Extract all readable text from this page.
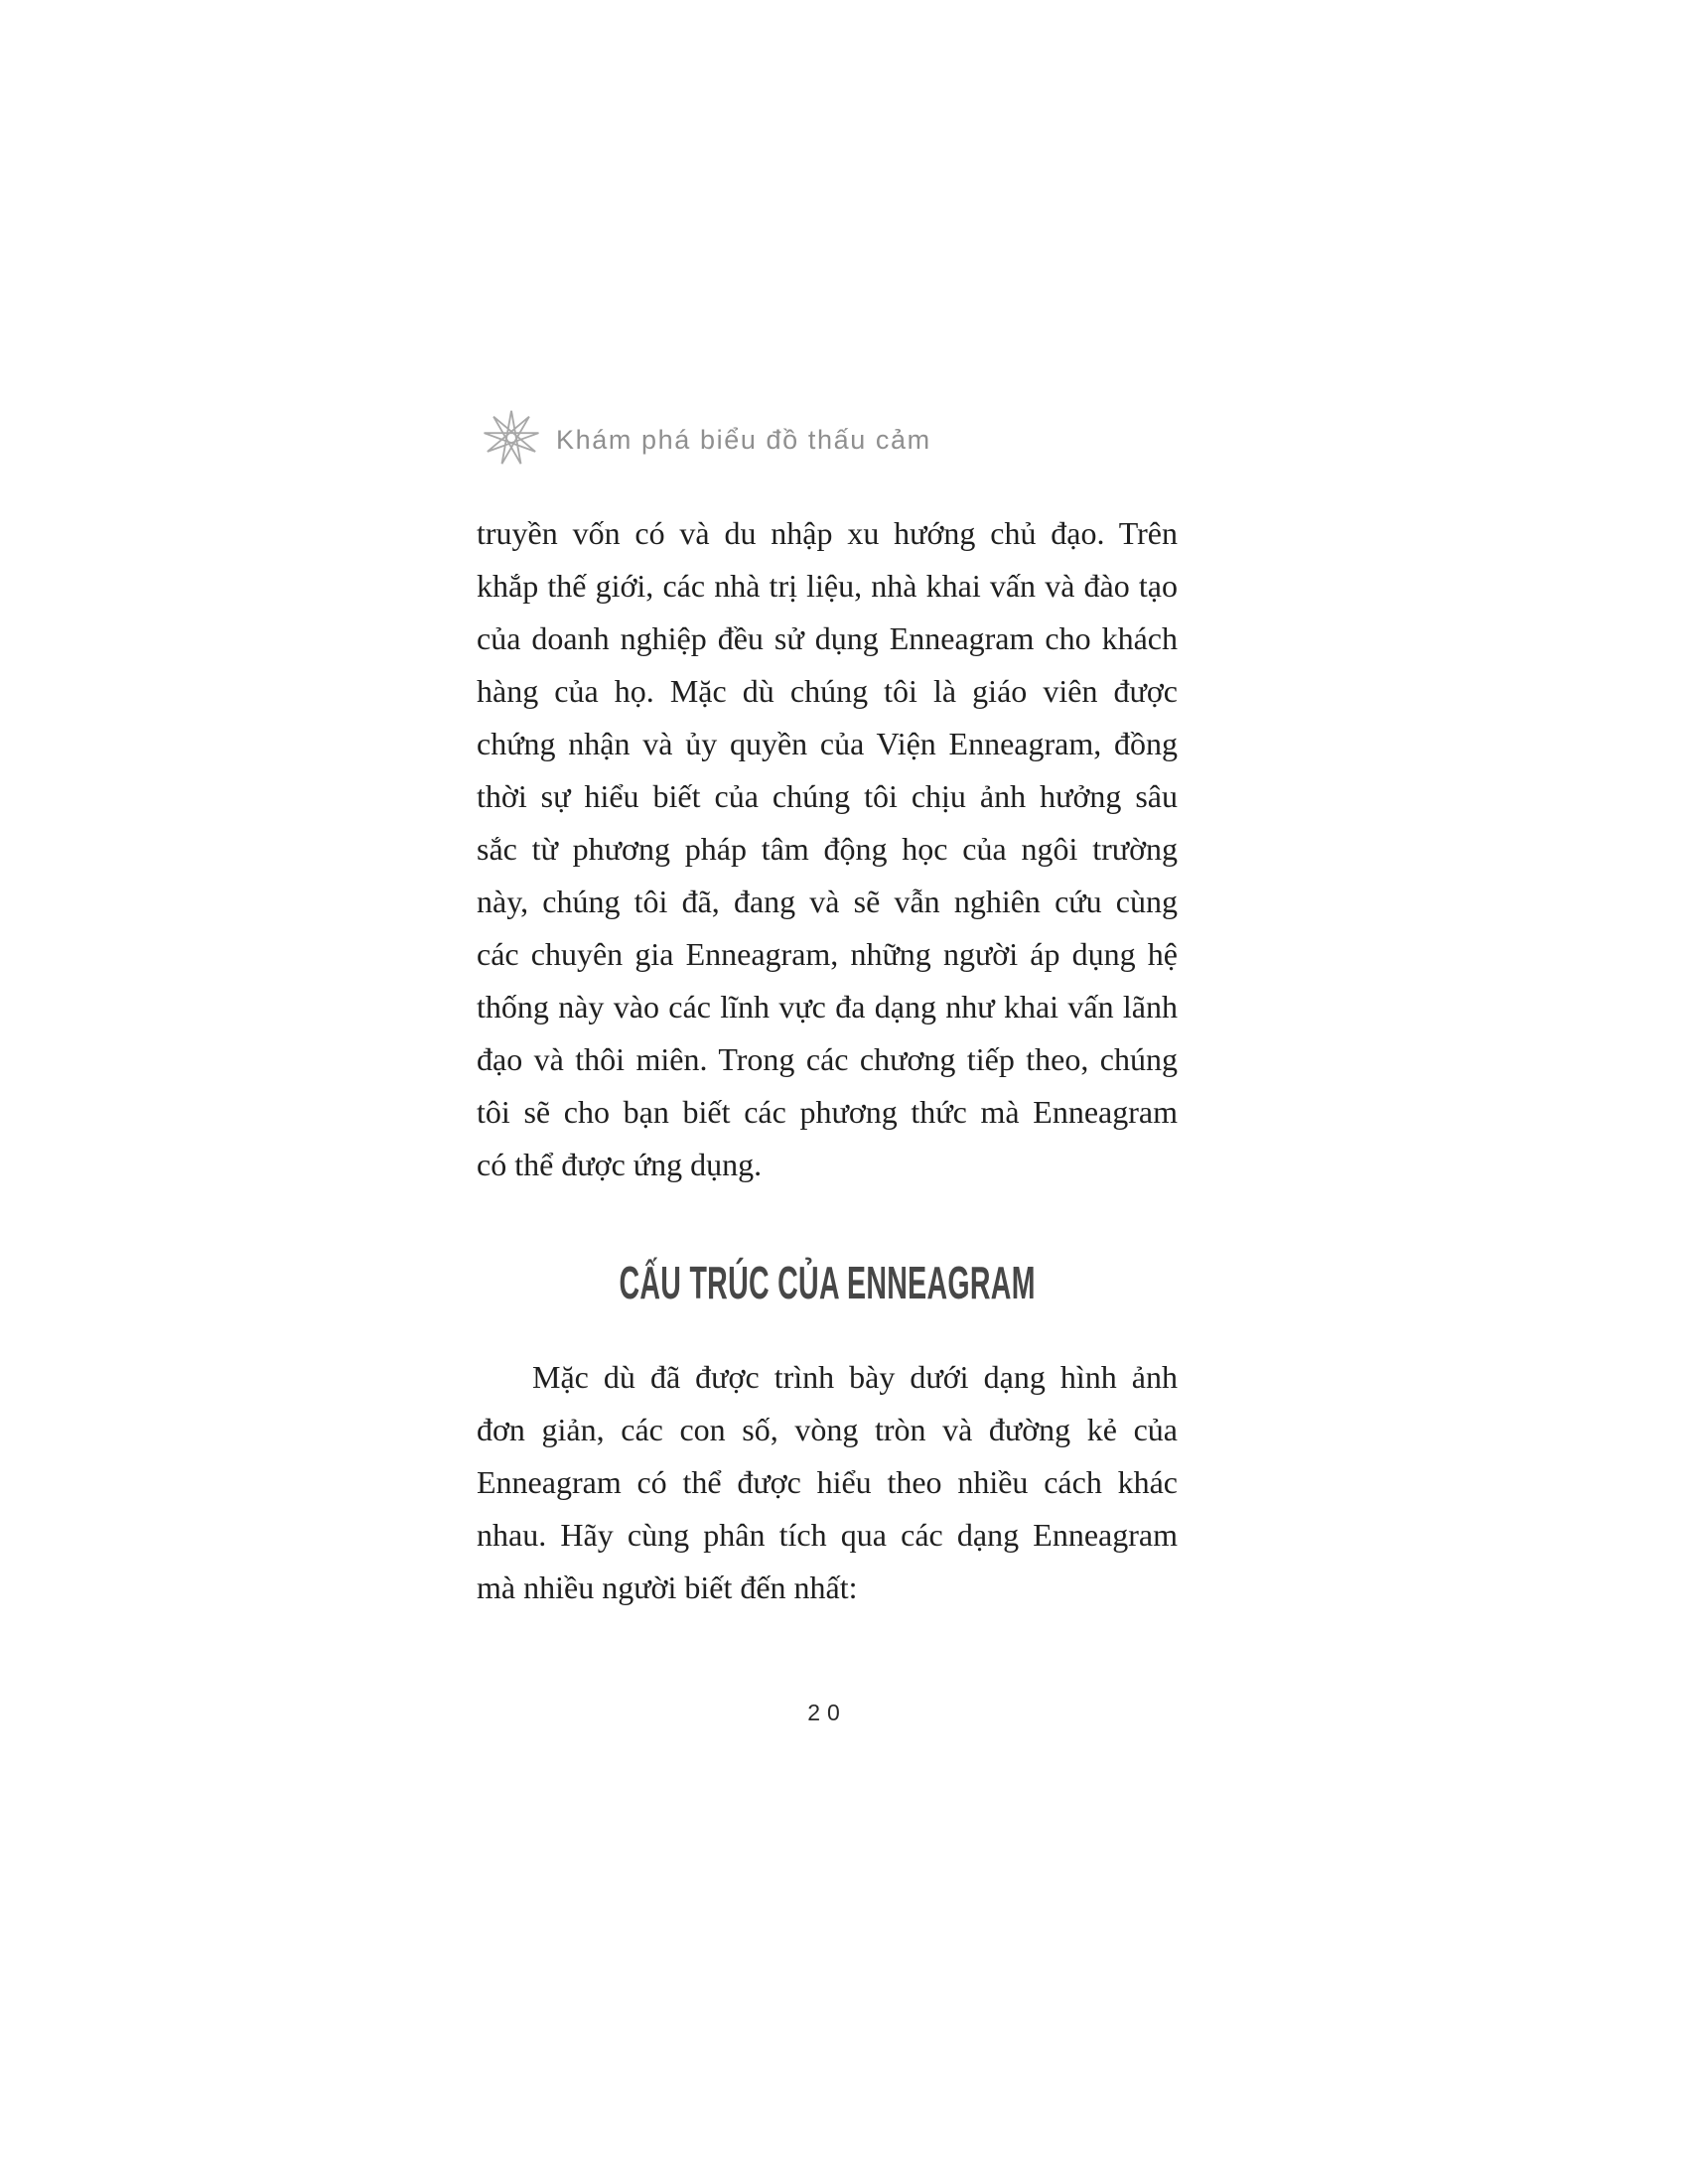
Khám phá biểu đồ thấu cảm
truyền vốn có và du nhập xu hướng chủ đạo. Trên
khắp thế giới, các nhà trị liệu, nhà khai vấn và đào tạo
của doanh nghiệp đều sử dụng Enneagram cho khách
hàng của họ. Mặc dù chúng tôi là giáo viên được
chứng nhận và ủy quyền của Viện Enneagram, đồng
thời sự hiểu biết của chúng tôi chịu ảnh hưởng sâu
sắc từ phương pháp tâm động học của ngôi trường
này, chúng tôi đã, đang và sẽ vẫn nghiên cứu cùng
các chuyên gia Enneagram, những người áp dụng hệ
thống này vào các lĩnh vực đa dạng như khai vấn lãnh
đạo và thôi miên. Trong các chương tiếp theo, chúng
tôi sẽ cho bạn biết các phương thức mà Enneagram
có thể được ứng dụng.
CẤU TRÚC CỦA ENNEAGRAM
Mặc dù đã được trình bày dưới dạng hình ảnh
đơn giản, các con số, vòng tròn và đường kẻ của
Enneagram có thể được hiểu theo nhiều cách khác
nhau. Hãy cùng phân tích qua các dạng Enneagram
mà nhiều người biết đến nhất:
20
